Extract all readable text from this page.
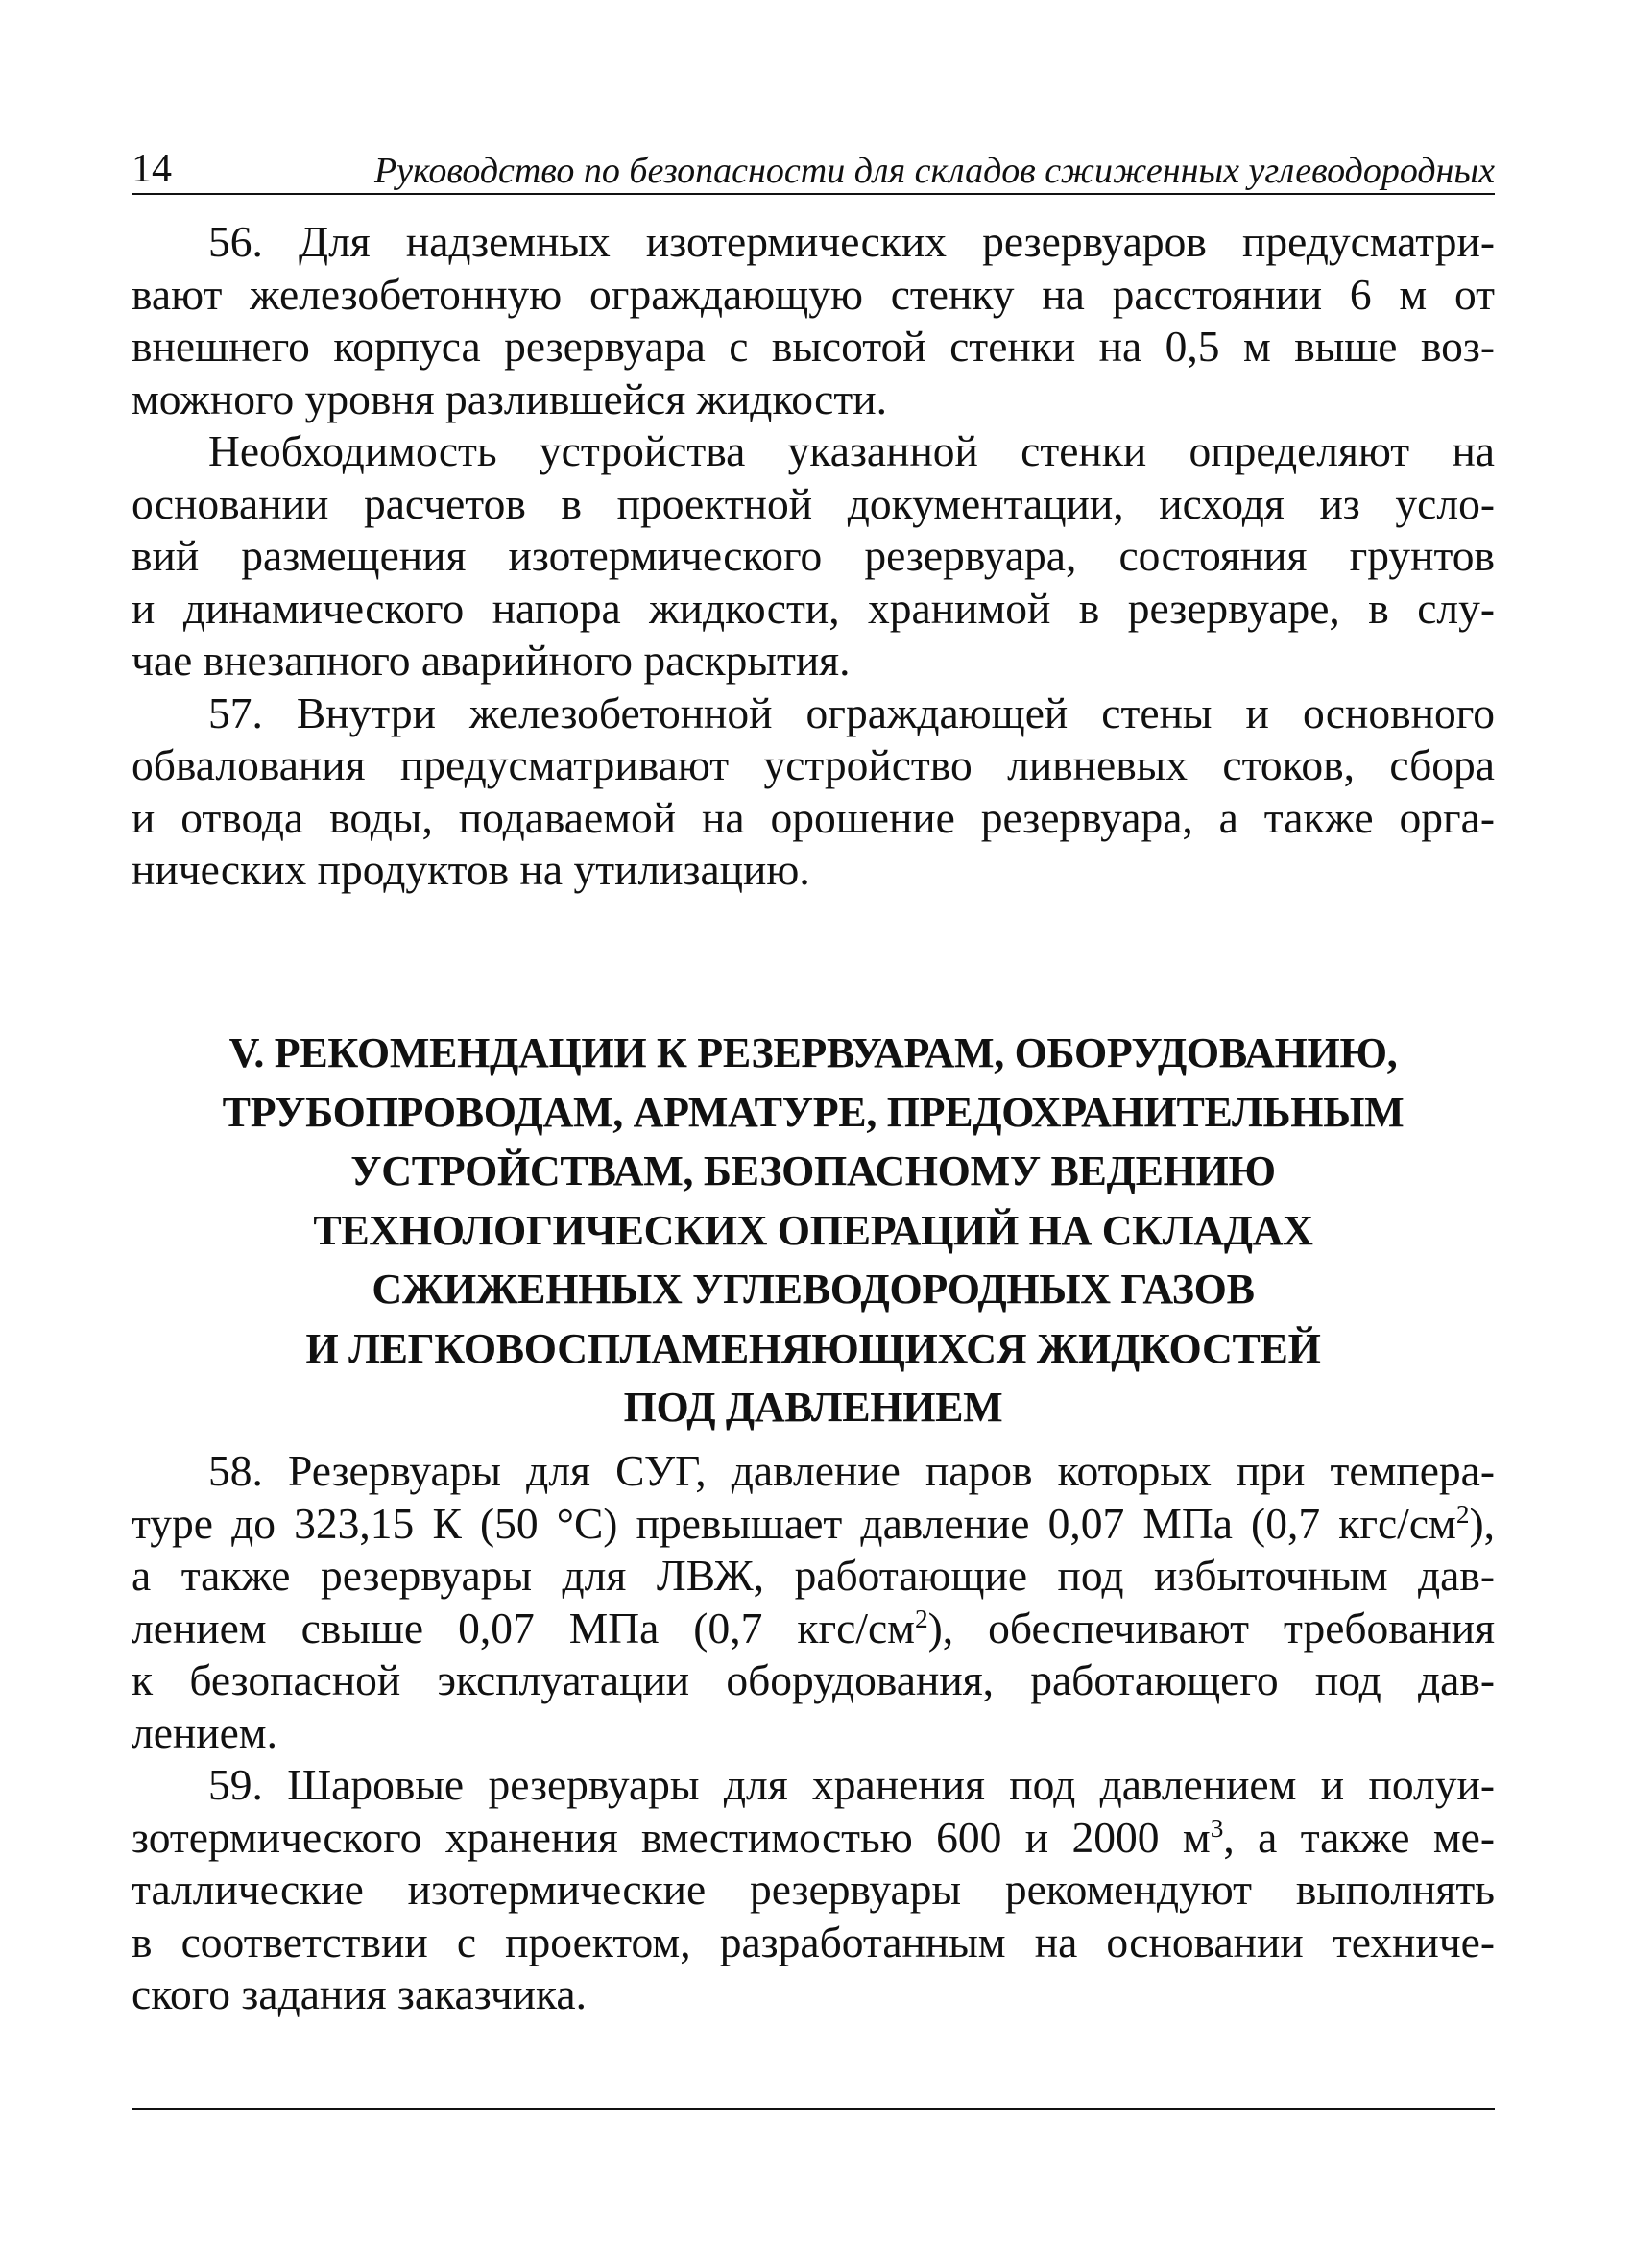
14	Руководство по безопасности для складов сжиженных углеводородных

56. Для надземных изотермических резервуаров предусматри-
вают железобетонную ограждающую стенку на расстоянии 6 м от
внешнего корпуса резервуара с высотой стенки на 0,5 м выше воз-
можного уровня разлившейся жидкости.

Необходимость устройства указанной стенки определяют на
основании расчетов в проектной документации, исходя из усло-
вий размещения изотермического резервуара, состояния грунтов
и динамического напора жидкости, хранимой в резервуаре, в слу-
чае внезапного аварийного раскрытия.

57. Внутри железобетонной ограждающей стены и основного
обвалования предусматривают устройство ливневых стоков, сбора
и отвода воды, подаваемой на орошение резервуара, а также орга-
нических продуктов на утилизацию.

V. РЕКОМЕНДАЦИИ К РЕЗЕРВУАРАМ, ОБОРУДОВАНИЮ,
ТРУБОПРОВОДАМ, АРМАТУРЕ, ПРЕДОХРАНИТЕЛЬНЫМ
УСТРОЙСТВАМ, БЕЗОПАСНОМУ ВЕДЕНИЮ
ТЕХНОЛОГИЧЕСКИХ ОПЕРАЦИЙ НА СКЛАДАХ
СЖИЖЕННЫХ УГЛЕВОДОРОДНЫХ ГАЗОВ
И ЛЕГКОВОСПЛАМЕНЯЮЩИХСЯ ЖИДКОСТЕЙ
ПОД ДАВЛЕНИЕМ

58. Резервуары для СУГ, давление паров которых при темпера-
туре до 323,15 К (50 °С) превышает давление 0,07 МПа (0,7 кгс/$см^2$),
а также резервуары для ЛВЖ, работающие под избыточным дав-
лением свыше 0,07 МПа (0,7 кгс/$см^2$), обеспечивают требования
к безопасной эксплуатации оборудования, работающего под дав-
лением.

59. Шаровые резервуары для хранения под давлением и полуи-
зотермического хранения вместимостью 600 и 2000 $м^3$, а также ме-
таллические изотермические резервуары рекомендуют выполнять
в соответствии с проектом, разработанным на основании техниче-
ского задания заказчика.
